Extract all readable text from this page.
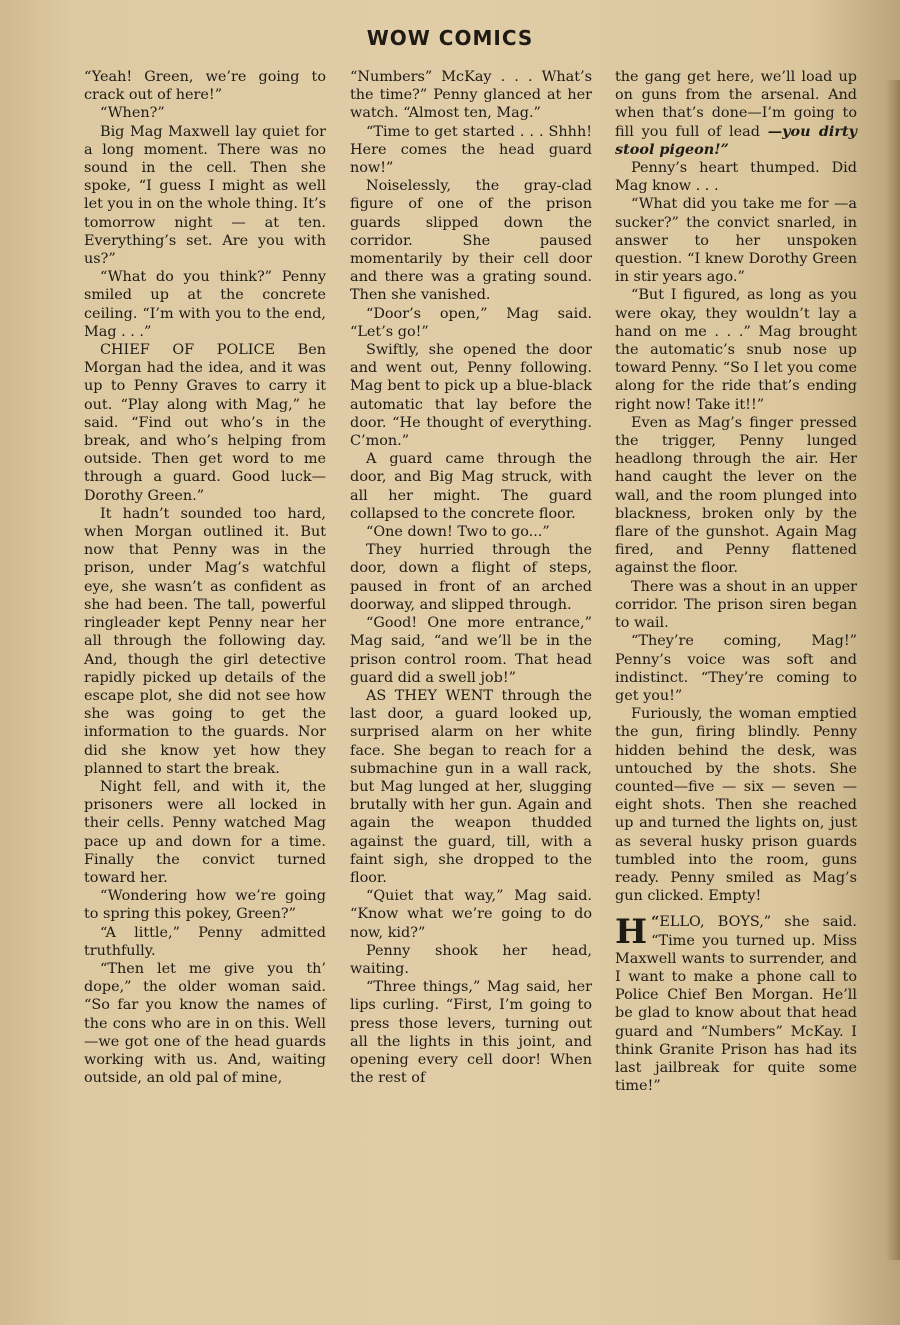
WOW COMICS

“Yeah! Green, we’re going to crack out of here!”

“When?”

Big Mag Maxwell lay quiet for a long moment. There was no sound in the cell. Then she spoke, “I guess I might as well let you in on the whole thing. It’s tomorrow night — at ten. Everything’s set. Are you with us?”

“What do you think?” Penny smiled up at the concrete ceiling. “I’m with you to the end, Mag . . .”

CHIEF OF POLICE Ben Morgan had the idea, and it was up to Penny Graves to carry it out. “Play along with Mag,” he said. “Find out who’s in the break, and who’s helping from outside. Then get word to me through a guard. Good luck—Dorothy Green.”

It hadn’t sounded too hard, when Morgan outlined it. But now that Penny was in the prison, under Mag’s watchful eye, she wasn’t as confident as she had been. The tall, powerful ringleader kept Penny near her all through the following day. And, though the girl detective rapidly picked up details of the escape plot, she did not see how she was going to get the information to the guards. Nor did she know yet how they planned to start the break.

Night fell, and with it, the prisoners were all locked in their cells. Penny watched Mag pace up and down for a time. Finally the convict turned toward her.

“Wondering how we’re going to spring this pokey, Green?”

“A little,” Penny admitted truthfully.

“Then let me give you th’ dope,” the older woman said. “So far you know the names of the cons who are in on this. Well—we got one of the head guards working with us. And, waiting outside, an old pal of mine,

“Numbers” McKay . . . What’s the time?” Penny glanced at her watch. “Almost ten, Mag.”

“Time to get started . . . Shhh! Here comes the head guard now!”

Noiselessly, the gray-clad figure of one of the prison guards slipped down the corridor. She paused momentarily by their cell door and there was a grating sound. Then she vanished.

“Door’s open,” Mag said. “Let’s go!”

Swiftly, she opened the door and went out, Penny following. Mag bent to pick up a blue-black automatic that lay before the door. “He thought of everything. C’mon.”

A guard came through the door, and Big Mag struck, with all her might. The guard collapsed to the concrete floor.

“One down! Two to go...”

They hurried through the door, down a flight of steps, paused in front of an arched doorway, and slipped through.

“Good! One more entrance,” Mag said, “and we’ll be in the prison control room. That head guard did a swell job!”

AS THEY WENT through the last door, a guard looked up, surprised alarm on her white face. She began to reach for a submachine gun in a wall rack, but Mag lunged at her, slugging brutally with her gun. Again and again the weapon thudded against the guard, till, with a faint sigh, she dropped to the floor.

“Quiet that way,” Mag said. “Know what we’re going to do now, kid?”

Penny shook her head, waiting.

“Three things,” Mag said, her lips curling. “First, I’m going to press those levers, turning out all the lights in this joint, and opening every cell door! When the rest of

the gang get here, we’ll load up on guns from the arsenal. And when that’s done—I’m going to fill you full of lead —you dirty stool pigeon!”

Penny’s heart thumped. Did Mag know . . .

“What did you take me for —a sucker?” the convict snarled, in answer to her unspoken question. “I knew Dorothy Green in stir years ago.”

“But I figured, as long as you were okay, they wouldn’t lay a hand on me . . .” Mag brought the automatic’s snub nose up toward Penny. “So I let you come along for the ride that’s ending right now! Take it!!”

Even as Mag’s finger pressed the trigger, Penny lunged headlong through the air. Her hand caught the lever on the wall, and the room plunged into blackness, broken only by the flare of the gunshot. Again Mag fired, and Penny flattened against the floor.

There was a shout in an upper corridor. The prison siren began to wail.

“They’re coming, Mag!” Penny’s voice was soft and indistinct. “They’re coming to get you!”

Furiously, the woman emptied the gun, firing blindly. Penny hidden behind the desk, was untouched by the shots. She counted—five — six — seven — eight shots. Then she reached up and turned the lights on, just as several husky prison guards tumbled into the room, guns ready. Penny smiled as Mag’s gun clicked. Empty!

“
H ELLO, BOYS,” she said. “Time you turned up. Miss Maxwell wants to surrender, and I want to make a phone call to Police Chief Ben Morgan. He’ll be glad to know about that head guard and “Numbers” McKay. I think Granite Prison has had its last jailbreak for quite some time!”
